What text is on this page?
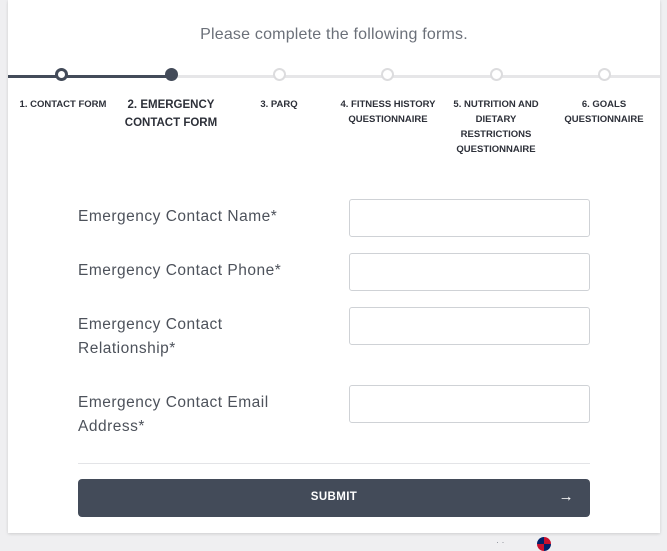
Please complete the following forms.
1. CONTACT FORM	2. EMERGENCY CONTACT FORM
3. PARQ	4. FITNESS HISTORY QUESTIONNAIRE
5. NUTRITION AND DIETARY RESTRICTIONS QUESTIONNAIRE
6. GOALS QUESTIONNAIRE
Emergency Contact Name*
Emergency Contact Phone*
Emergency Contact Relationship*
Emergency Contact Email Address*
SUBMIT	→
· ·
